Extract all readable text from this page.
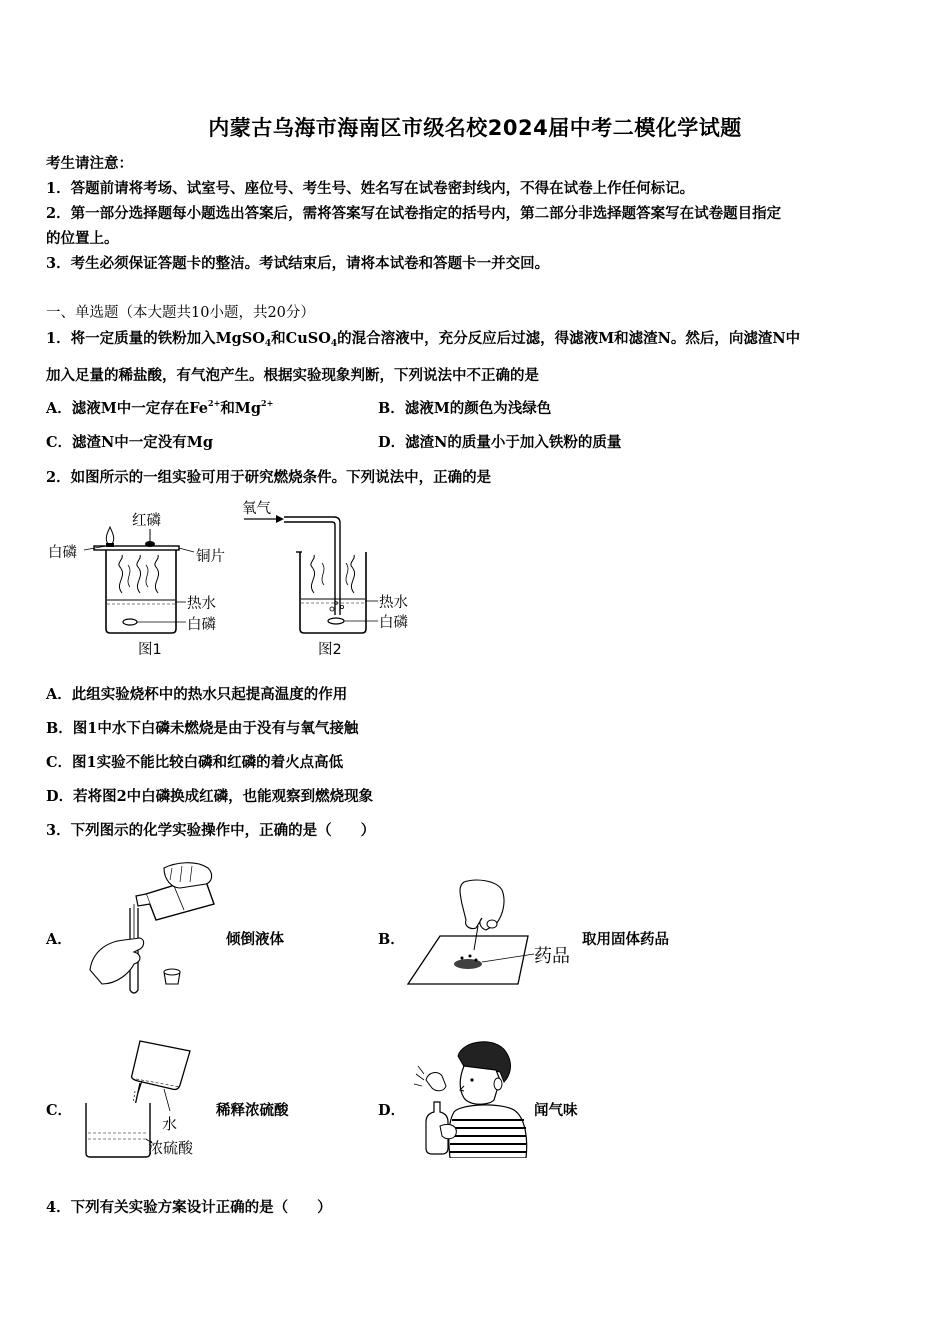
内蒙古乌海市海南区市级名校2024届中考二模化学试题
考生请注意：
1．答题前请将考场、试室号、座位号、考生号、姓名写在试卷密封线内，不得在试卷上作任何标记。
2．第一部分选择题每小题选出答案后，需将答案写在试卷指定的括号内，第二部分非选择题答案写在试卷题目指定
的位置上。
3．考生必须保证答题卡的整洁。考试结束后，请将本试卷和答题卡一并交回。
一、单选题（本大题共10小题，共20分）
1．将一定质量的铁粉加入MgSO$_4$和CuSO$_4$的混合溶液中，充分反应后过滤，得滤液M和滤渣N。然后，向滤渣N中
加入足量的稀盐酸，有气泡产生。根据实验现象判断，下列说法中不正确的是
A．滤液M中一定存在$Fe^{2+}$和$Mg^{2+}$	B．滤液M的颜色为浅绿色
C．滤渣N中一定没有Mg	D．滤渣N的质量小于加入铁粉的质量
2．如图所示的一组实验可用于研究燃烧条件。下列说法中，正确的是
红磷
白磷	铜片
热水
白磷
图1
氧气
热水
白磷
图2
A．此组实验烧杯中的热水只起提高温度的作用
B．图1中水下白磷未燃烧是由于没有与氧气接触
C．图1实验不能比较白磷和红磷的着火点高低
D．若将图2中白磷换成红磷，也能观察到燃烧现象
3．下列图示的化学实验操作中，正确的是（　　）
A．	倾倒液体	B．
药品
取用固体药品
C．
水
浓硫酸
稀释浓硫酸	D．	闻气味
4．下列有关实验方案设计正确的是（　　）
